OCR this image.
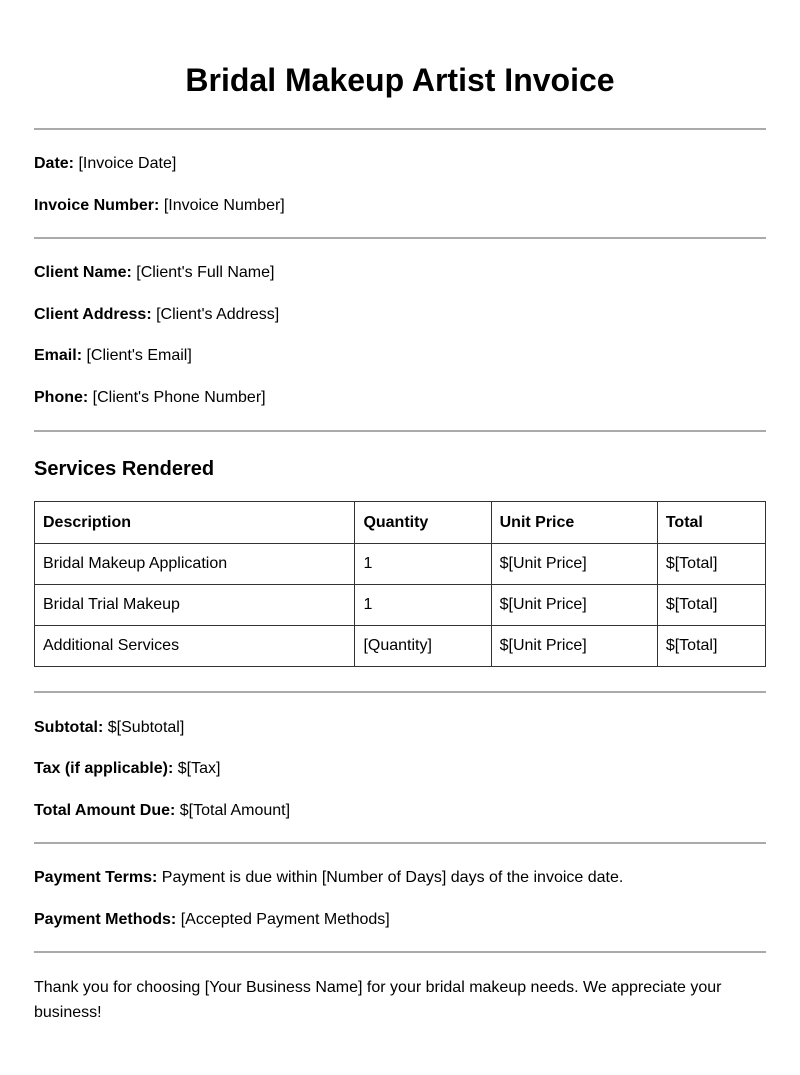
Bridal Makeup Artist Invoice
Date: [Invoice Date]
Invoice Number: [Invoice Number]
Client Name: [Client's Full Name]
Client Address: [Client's Address]
Email: [Client's Email]
Phone: [Client's Phone Number]
Services Rendered
Description	Quantity	Unit Price	Total
Bridal Makeup Application	1	$[Unit Price]	$[Total]
Bridal Trial Makeup	1	$[Unit Price]	$[Total]
Additional Services	[Quantity]	$[Unit Price]	$[Total]
Subtotal: $[Subtotal]
Tax (if applicable): $[Tax]
Total Amount Due: $[Total Amount]
Payment Terms: Payment is due within [Number of Days] days of the invoice date.
Payment Methods: [Accepted Payment Methods]
Thank you for choosing [Your Business Name] for your bridal makeup needs. We appreciate your business!
